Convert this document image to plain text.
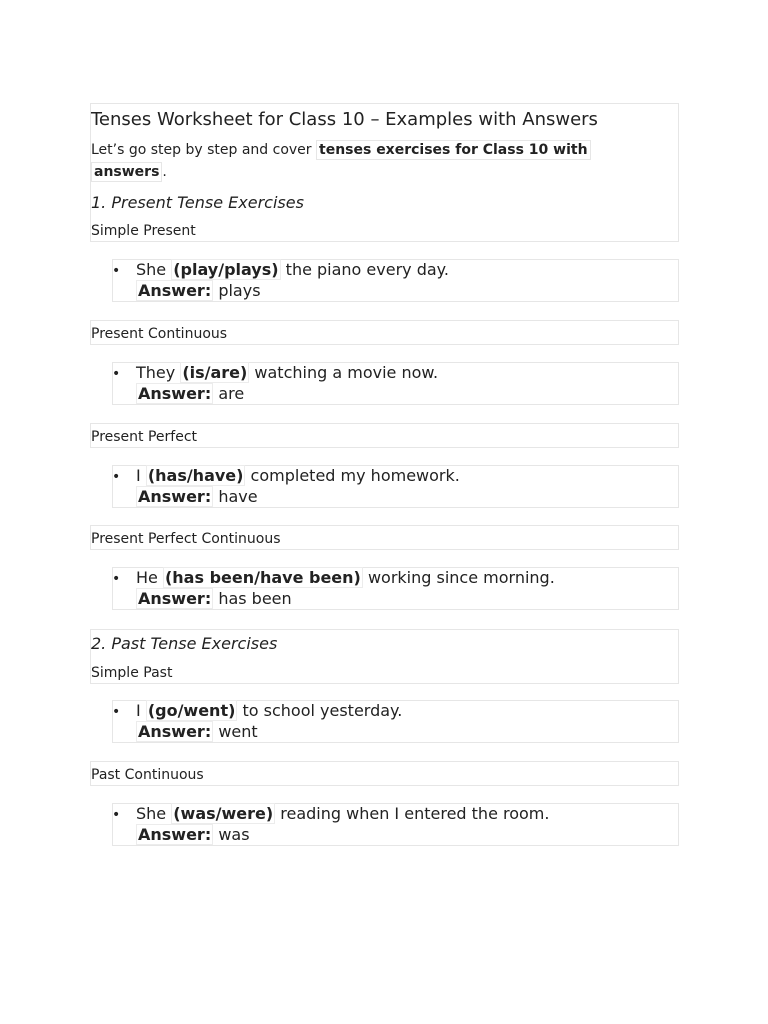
Tenses Worksheet for Class 10 – Examples with Answers
Let’s go step by step and cover tenses exercises for Class 10 with
answers .
1. Present Tense Exercises
Simple Present
• She (play/plays) the piano every day.
Answer: plays
Present Continuous
• They (is/are) watching a movie now.
Answer: are
Present Perfect
• I (has/have) completed my homework.
Answer: have
Present Perfect Continuous
• He (has been/have been) working since morning.
Answer: has been
2. Past Tense Exercises
Simple Past
• I (go/went) to school yesterday.
Answer: went
Past Continuous
• She (was/were) reading when I entered the room.
Answer: was
